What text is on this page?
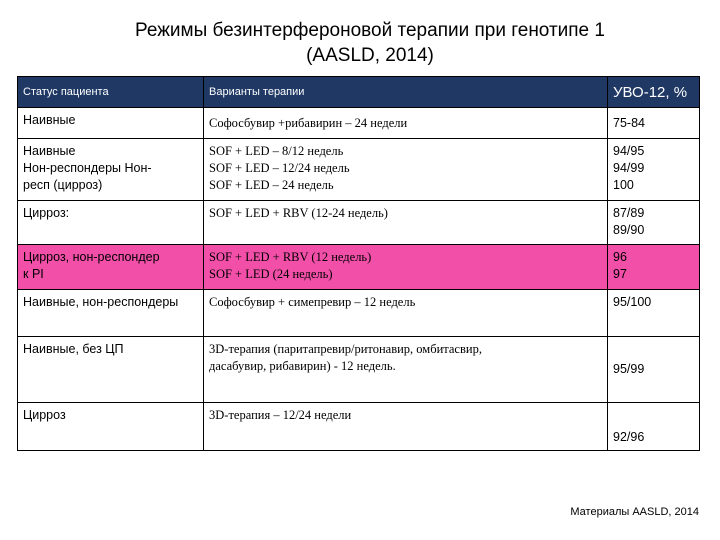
Режимы безинтерфероновой терапии при генотипе 1
(AASLD, 2014)
Статус пациента	Варианты терапии	УВО-12, %

Наивные	Софосбувир +рибавирин – 24 недели	75-84

Наивные
Нон-респондеры Нон-
респ (цирроз)	SOF + LED – 8/12 недель
SOF + LED – 12/24 недель
SOF + LED – 24 недель	94/95
94/99
100

Цирроз:	SOF + LED + RBV (12-24 недель)	87/89
89/90

Цирроз, нон-респондер
к PI	SOF + LED + RBV (12 недель)
SOF + LED (24 недель)	96
97

Наивные, нон-респондеры	Софосбувир + симепревир – 12 недель	95/100

Наивные, без ЦП	3D-терапия (паритапревир/ритонавир, омбитасвир,
дасабувир, рибавирин) - 12 недель.	95/99

Цирроз	3D-терапия – 12/24 недели	92/96
Материалы AASLD, 2014
